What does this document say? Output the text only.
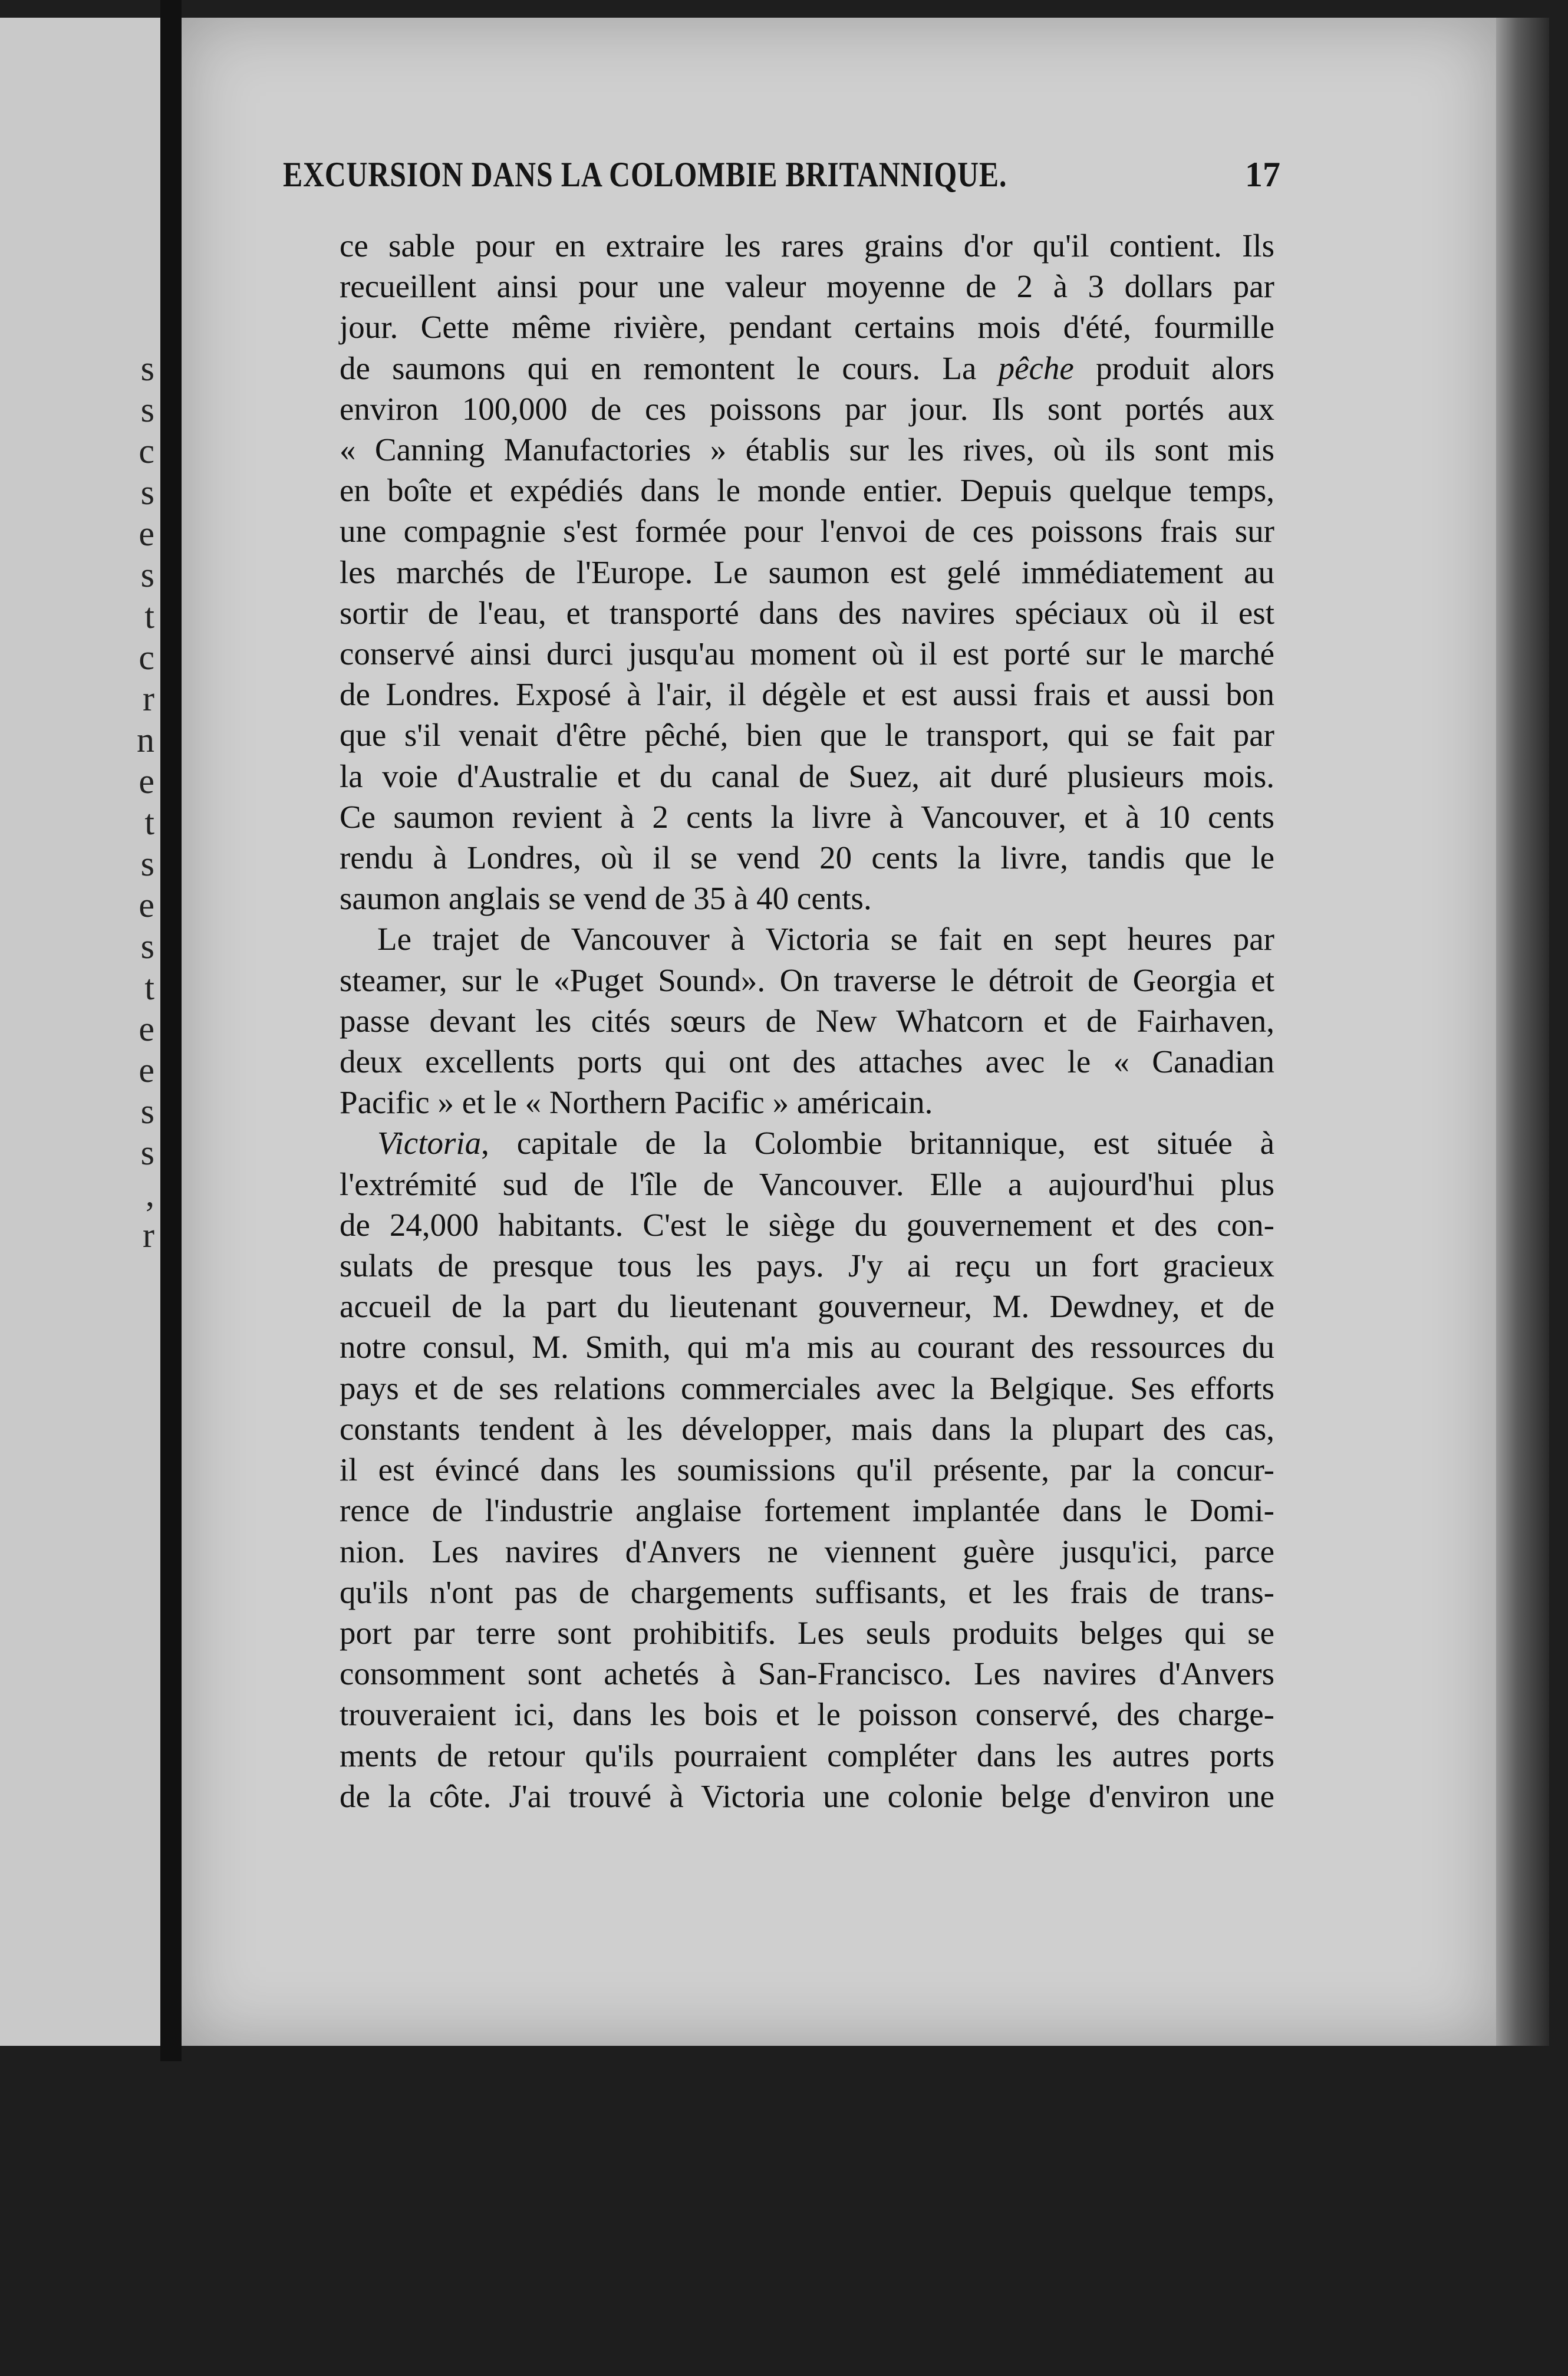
s
s
c
s
e
s
t
c
r
n
e
t
s
e
s
t
e
e
s
s
,
r
EXCURSION DANS LA COLOMBIE BRITANNIQUE.	17
ce sable pour en extraire les rares grains d'or qu'il contient. Ils
recueillent ainsi pour une valeur moyenne de 2 à 3 dollars par
jour. Cette même rivière, pendant certains mois d'été, fourmille
de saumons qui en remontent le cours. La pêche produit alors
environ 100,000 de ces poissons par jour. Ils sont portés aux
« Canning Manufactories » établis sur les rives, où ils sont mis
en boîte et expédiés dans le monde entier. Depuis quelque temps,
une compagnie s'est formée pour l'envoi de ces poissons frais sur
les marchés de l'Europe. Le saumon est gelé immédiatement au
sortir de l'eau, et transporté dans des navires spéciaux où il est
conservé ainsi durci jusqu'au moment où il est porté sur le marché
de Londres. Exposé à l'air, il dégèle et est aussi frais et aussi bon
que s'il venait d'être pêché, bien que le transport, qui se fait par
la voie d'Australie et du canal de Suez, ait duré plusieurs mois.
Ce saumon revient à 2 cents la livre à Vancouver, et à 10 cents
rendu à Londres, où il se vend 20 cents la livre, tandis que le
saumon anglais se vend de 35 à 40 cents.
Le trajet de Vancouver à Victoria se fait en sept heures par
steamer, sur le «Puget Sound». On traverse le détroit de Georgia et
passe devant les cités sœurs de New Whatcorn et de Fairhaven,
deux excellents ports qui ont des attaches avec le « Canadian
Pacific » et le « Northern Pacific » américain.
Victoria, capitale de la Colombie britannique, est située à
l'extrémité sud de l'île de Vancouver. Elle a aujourd'hui plus
de 24,000 habitants. C'est le siège du gouvernement et des con-
sulats de presque tous les pays. J'y ai reçu un fort gracieux
accueil de la part du lieutenant gouverneur, M. Dewdney, et de
notre consul, M. Smith, qui m'a mis au courant des ressources du
pays et de ses relations commerciales avec la Belgique. Ses efforts
constants tendent à les développer, mais dans la plupart des cas,
il est évincé dans les soumissions qu'il présente, par la concur-
rence de l'industrie anglaise fortement implantée dans le Domi-
nion. Les navires d'Anvers ne viennent guère jusqu'ici, parce
qu'ils n'ont pas de chargements suffisants, et les frais de trans-
port par terre sont prohibitifs. Les seuls produits belges qui se
consomment sont achetés à San-Francisco. Les navires d'Anvers
trouveraient ici, dans les bois et le poisson conservé, des charge-
ments de retour qu'ils pourraient compléter dans les autres ports
de la côte. J'ai trouvé à Victoria une colonie belge d'environ une
